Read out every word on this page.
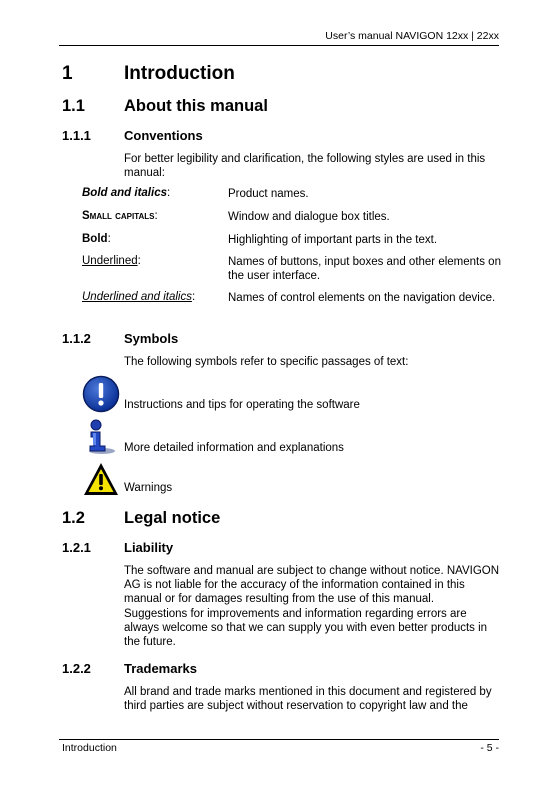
User’s manual NAVIGON 12xx | 22xx
1	Introduction
1.1 About this manual
1.1.1	Conventions
For better legibility and clarification, the following styles are used in this manual:
Bold and italics:	Product names.
Small capitals:	Window and dialogue box titles.
Bold:	Highlighting of important parts in the text.
Underlined:	Names of buttons, input boxes and other elements on the user interface.
Underlined and italics:	Names of control elements on the navigation device.
1.1.2	Symbols
The following symbols refer to specific passages of text:
Instructions and tips for operating the software
More detailed information and explanations
Warnings
1.2 Legal notice
1.2.1	Liability
The software and manual are subject to change without notice. NAVIGON AG is not liable for the accuracy of the information contained in this manual or for damages resulting from the use of this manual.
Suggestions for improvements and information regarding errors are always welcome so that we can supply you with even better products in the future.
1.2.2	Trademarks
All brand and trade marks mentioned in this document and registered by third parties are subject without reservation to copyright law and the
Introduction	- 5 -
